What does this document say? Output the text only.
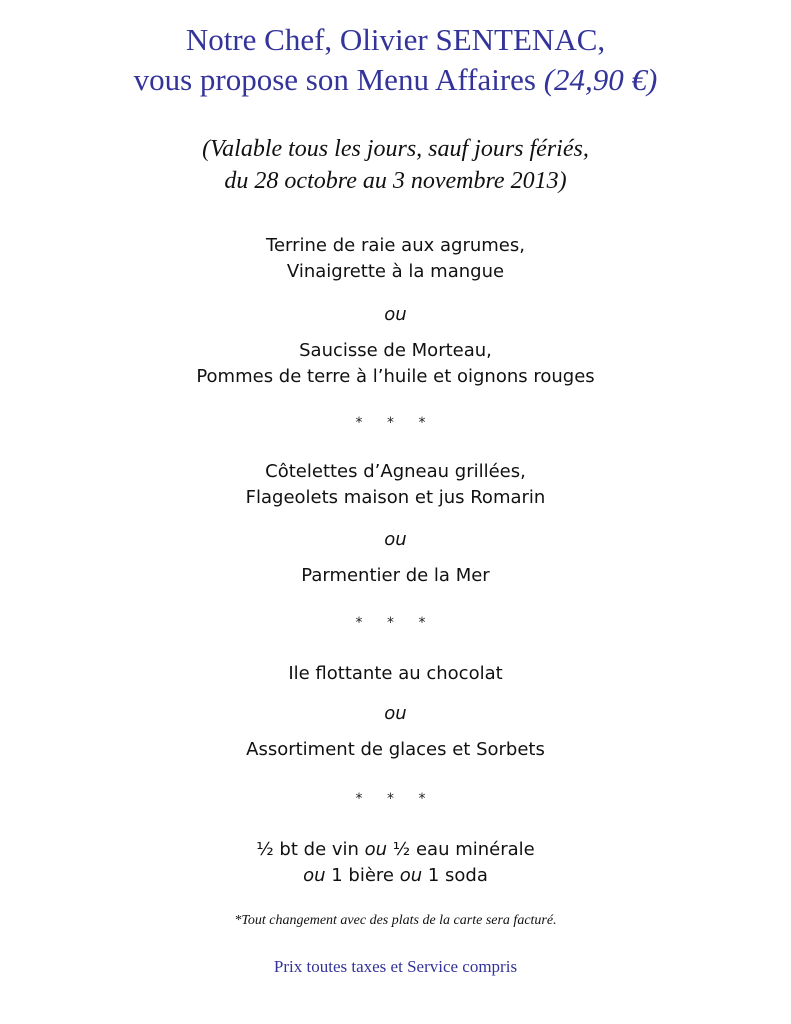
Notre Chef, Olivier SENTENAC,
vous propose son Menu Affaires (24,90 €)
(Valable tous les jours, sauf jours fériés,
du 28 octobre au 3 novembre 2013)
Terrine de raie aux agrumes,
Vinaigrette à la mangue
ou
Saucisse de Morteau,
Pommes de terre à l’huile et oignons rouges
* * *
Côtelettes d’Agneau grillées,
Flageolets maison et jus Romarin
ou
Parmentier de la Mer
* * *
Ile flottante au chocolat
ou
Assortiment de glaces et Sorbets
* * *
½ bt de vin ou ½ eau minérale
ou 1 bière ou 1 soda
*Tout changement avec des plats de la carte sera facturé.
Prix toutes taxes et Service compris
